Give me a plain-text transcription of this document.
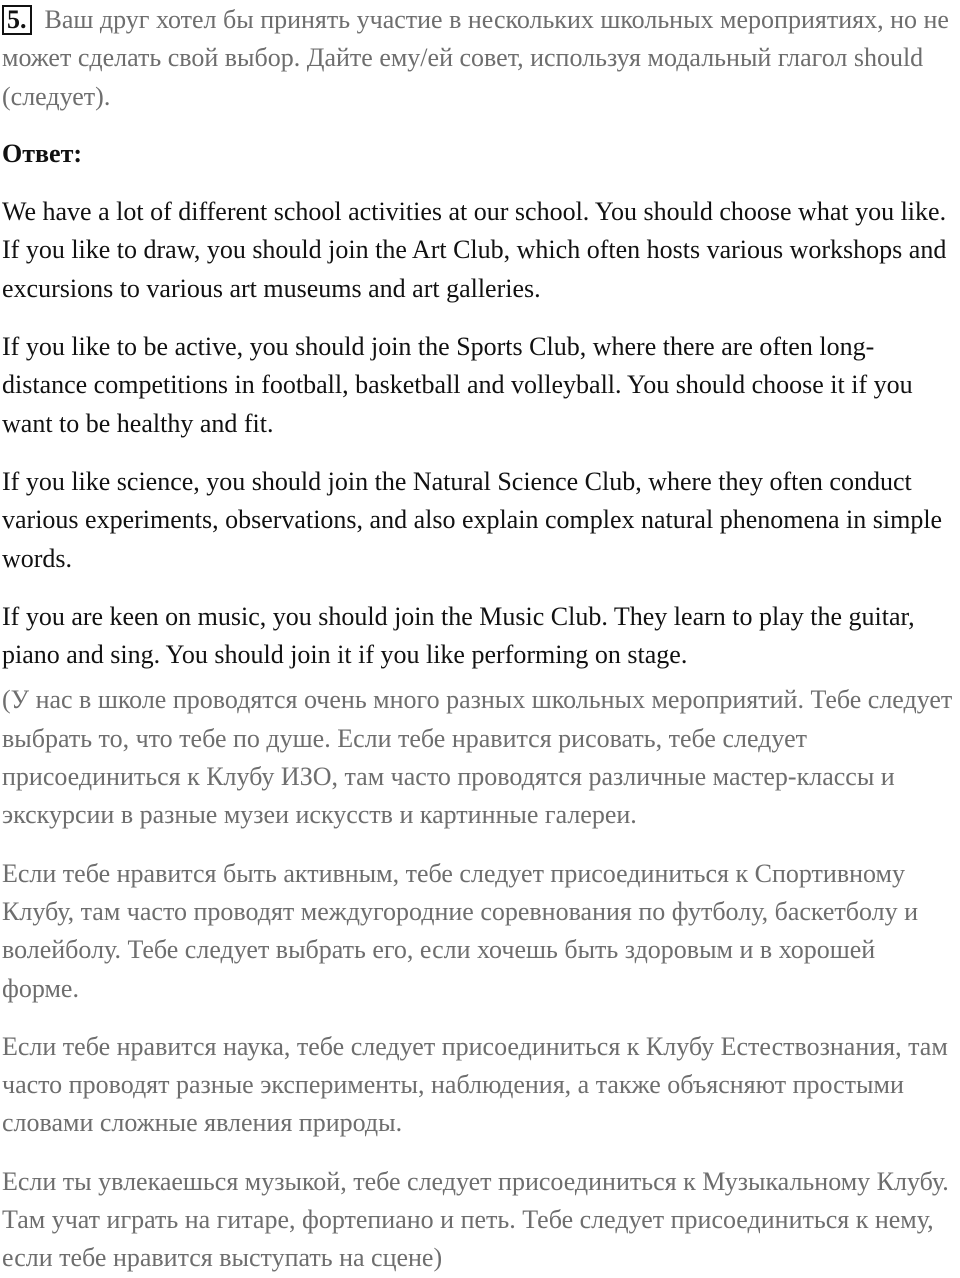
5. Ваш друг хотел бы принять участие в нескольких школьных мероприятиях, но не может сделать свой выбор. Дайте ему/ей совет, используя модальный глагол should (следует).

Ответ:

We have a lot of different school activities at our school. You should choose what you like. If you like to draw, you should join the Art Club, which often hosts various workshops and excursions to various art museums and art galleries.

If you like to be active, you should join the Sports Club, where there are often long-distance competitions in football, basketball and volleyball. You should choose it if you want to be healthy and fit.

If you like science, you should join the Natural Science Club, where they often conduct various experiments, observations, and also explain complex natural phenomena in simple words.

If you are keen on music, you should join the Music Club. They learn to play the guitar, piano and sing. You should join it if you like performing on stage.

(У нас в школе проводятся очень много разных школьных мероприятий. Тебе следует выбрать то, что тебе по душе. Если тебе нравится рисовать, тебе следует присоединиться к Клубу ИЗО, там часто проводятся различные мастер-классы и экскурсии в разные музеи искусств и картинные галереи.

Если тебе нравится быть активным, тебе следует присоединиться к Спортивному Клубу, там часто проводят междугородние соревнования по футболу, баскетболу и волейболу. Тебе следует выбрать его, если хочешь быть здоровым и в хорошей форме.

Если тебе нравится наука, тебе следует присоединиться к Клубу Естествознания, там часто проводят разные эксперименты, наблюдения, а также объясняют простыми словами сложные явления природы.

Если ты увлекаешься музыкой, тебе следует присоединиться к Музыкальному Клубу. Там учат играть на гитаре, фортепиано и петь. Тебе следует присоединиться к нему, если тебе нравится выступать на сцене)
